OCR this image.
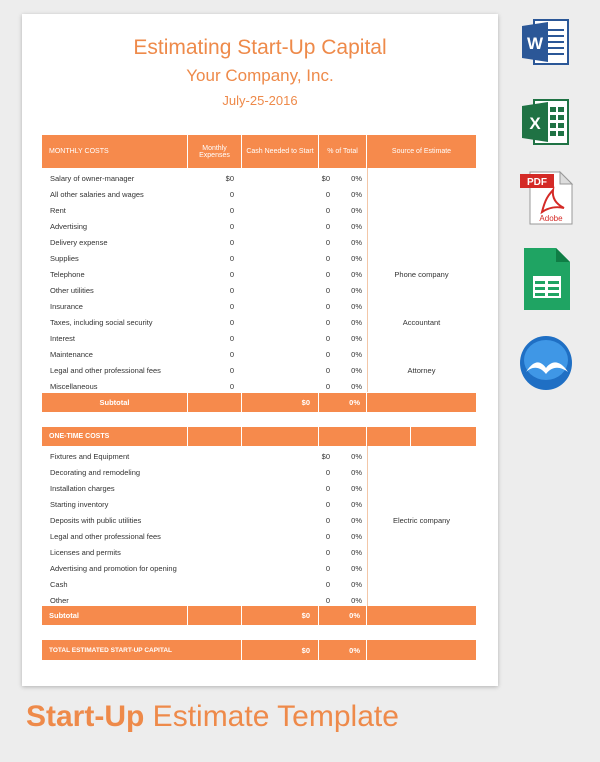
Estimating Start-Up Capital
Your Company, Inc.
July-25-2016
MONTHLY COSTS	Monthly Expenses	Cash Needed to Start	% of Total	Source of Estimate
Salary of owner-manager	$0	$0	0%
All other salaries and wages	0	0	0%
Rent	0	0	0%
Advertising	0	0	0%
Delivery expense	0	0	0%
Supplies	0	0	0%
Telephone	0	0	0%	Phone company
Other utilities	0	0	0%
Insurance	0	0	0%
Taxes, including social security	0	0	0%	Accountant
Interest	0	0	0%
Maintenance	0	0	0%
Legal and other professional fees	0	0	0%	Attorney
Miscellaneous	0	0	0%
Subtotal	$0	0%
ONE-TIME COSTS
Fixtures and Equipment	$0	0%
Decorating and remodeling	0	0%
Installation charges	0	0%
Starting inventory	0	0%
Deposits with public utilities	0	0%	Electric company
Legal and other professional fees	0	0%
Licenses and permits	0	0%
Advertising and promotion for opening	0	0%
Cash	0	0%
Other	0	0%
Subtotal	$0	0%
TOTAL ESTIMATED START-UP CAPITAL	$0	0%
W
X
PDF
Adobe
Start-Up Estimate Template
